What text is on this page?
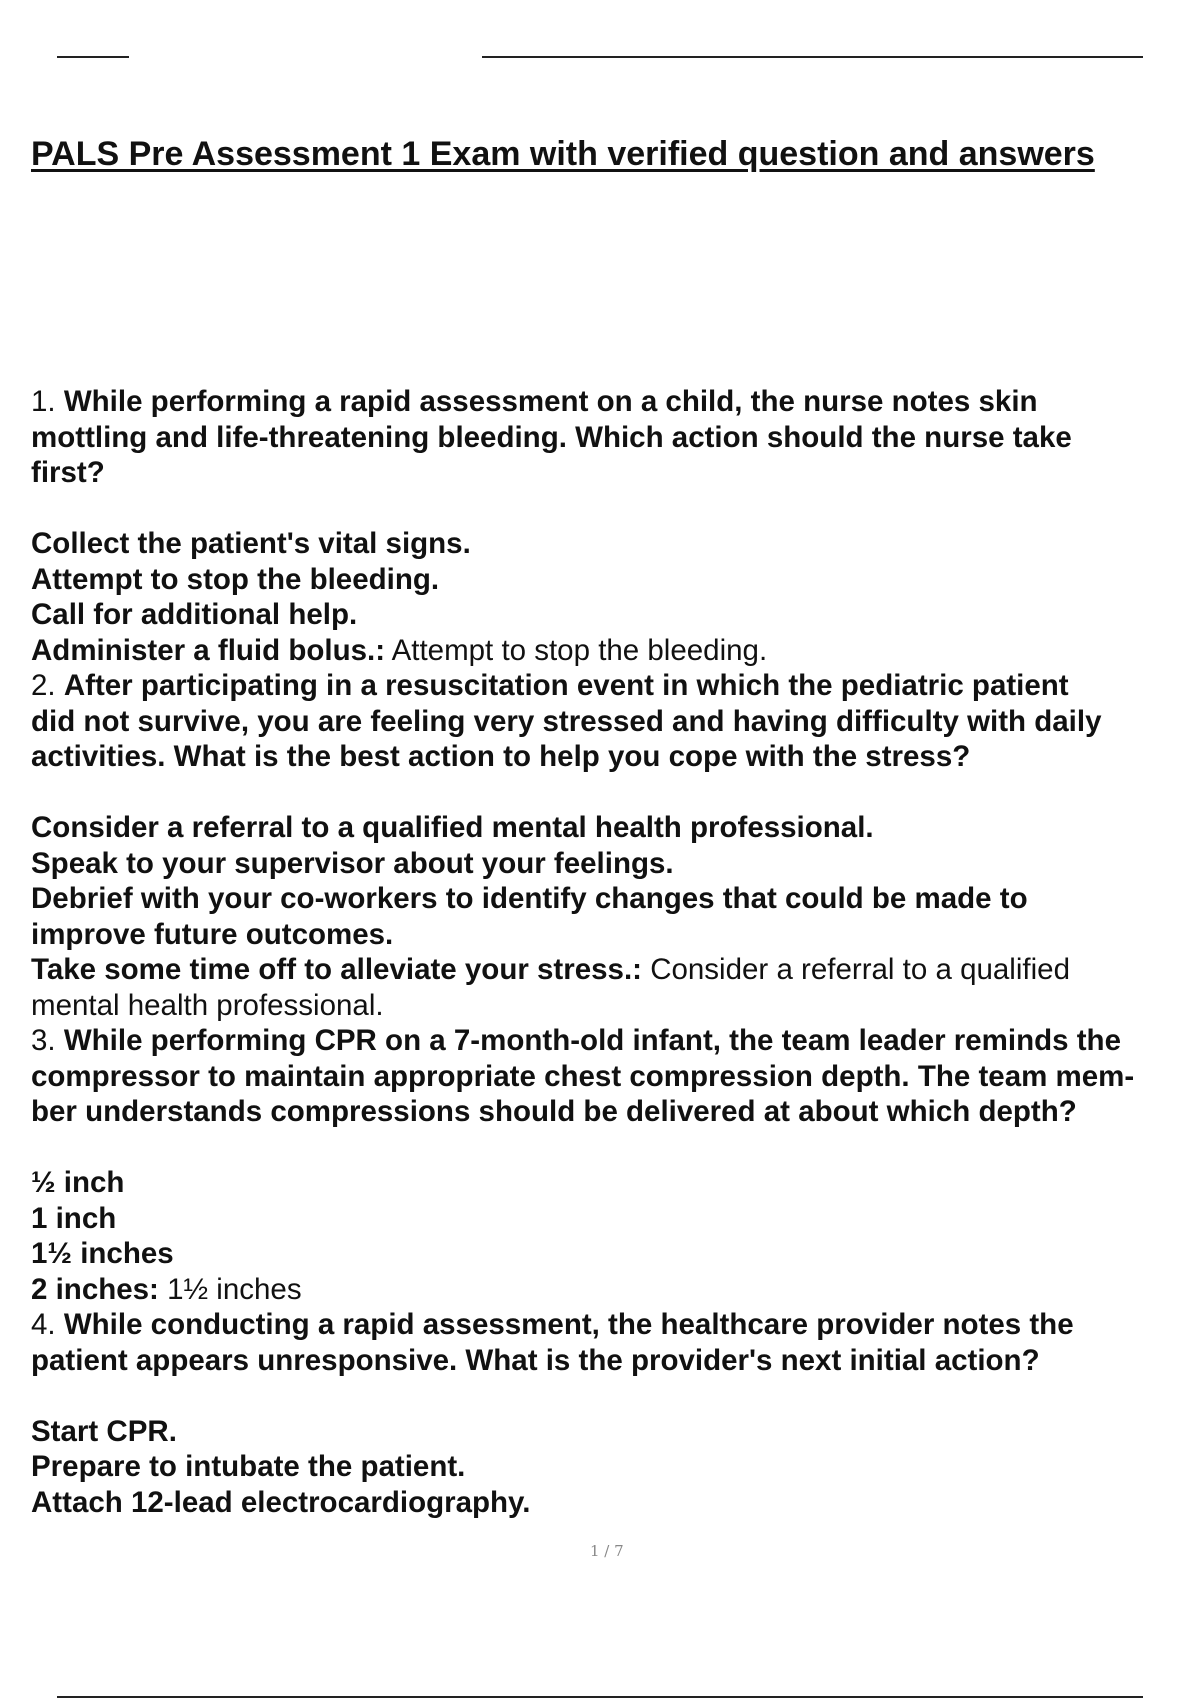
PALS Pre Assessment 1 Exam with verified question and answers
1. While performing a rapid assessment on a child, the nurse notes skin
mottling and life-threatening bleeding. Which action should the nurse take
first?
Collect the patient's vital signs.
Attempt to stop the bleeding.
Call for additional help.
Administer a fluid bolus.: Attempt to stop the bleeding.
2. After participating in a resuscitation event in which the pediatric patient
did not survive, you are feeling very stressed and having difficulty with daily
activities. What is the best action to help you cope with the stress?
Consider a referral to a qualified mental health professional.
Speak to your supervisor about your feelings.
Debrief with your co-workers to identify changes that could be made to
improve future outcomes.
Take some time off to alleviate your stress.: Consider a referral to a qualified
mental health professional.
3. While performing CPR on a 7-month-old infant, the team leader reminds the
compressor to maintain appropriate chest compression depth. The team mem-
ber understands compressions should be delivered at about which depth?
½ inch
1 inch
1½ inches
2 inches: 1½ inches
4. While conducting a rapid assessment, the healthcare provider notes the
patient appears unresponsive. What is the provider's next initial action?
Start CPR.
Prepare to intubate the patient.
Attach 12-lead electrocardiography.
1 / 7
